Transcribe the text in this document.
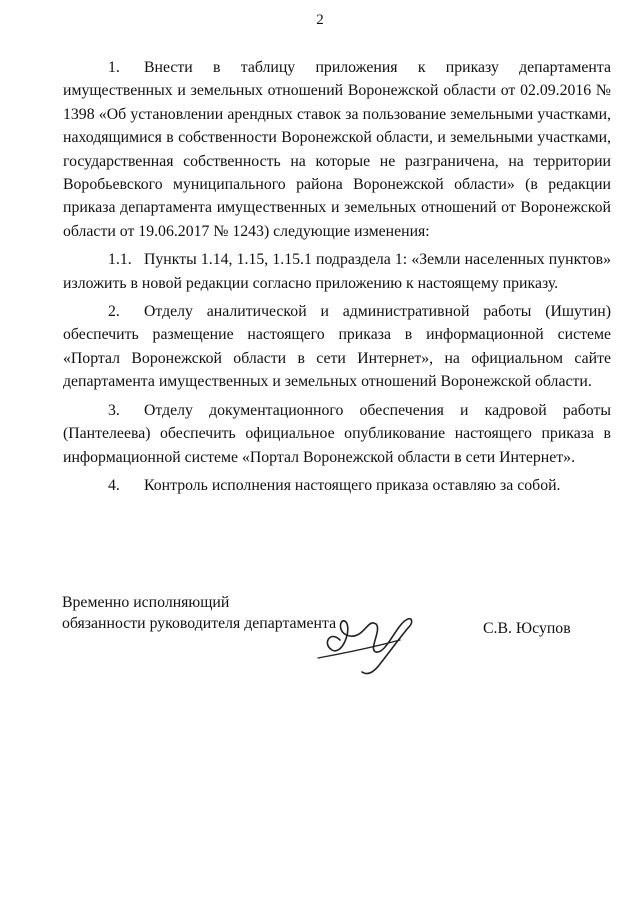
2

1. Внести в таблицу приложения к приказу департамента имущественных и земельных отношений Воронежской области от 02.09.2016 № 1398 «Об установлении арендных ставок за пользование земельными участками, находящимися в собственности Воронежской области, и земельными участками, государственная собственность на которые не разграничена, на территории Воробьевского муниципального района Воронежской области» (в редакции приказа департамента имущественных и земельных отношений от Воронежской области от 19.06.2017 № 1243) следующие изменения:

1.1. Пункты 1.14, 1.15, 1.15.1 подраздела 1: «Земли населенных пунктов» изложить в новой редакции согласно приложению к настоящему приказу.

2. Отделу аналитической и административной работы (Ишутин) обеспечить размещение настоящего приказа в информационной системе «Портал Воронежской области в сети Интернет», на официальном сайте департамента имущественных и земельных отношений Воронежской области.

3. Отделу документационного обеспечения и кадровой работы (Пантелеева) обеспечить официальное опубликование настоящего приказа в информационной системе «Портал Воронежской области в сети Интернет».

4. Контроль исполнения настоящего приказа оставляю за собой.

Временно исполняющий
обязанности руководителя департамента	С.В. Юсупов
